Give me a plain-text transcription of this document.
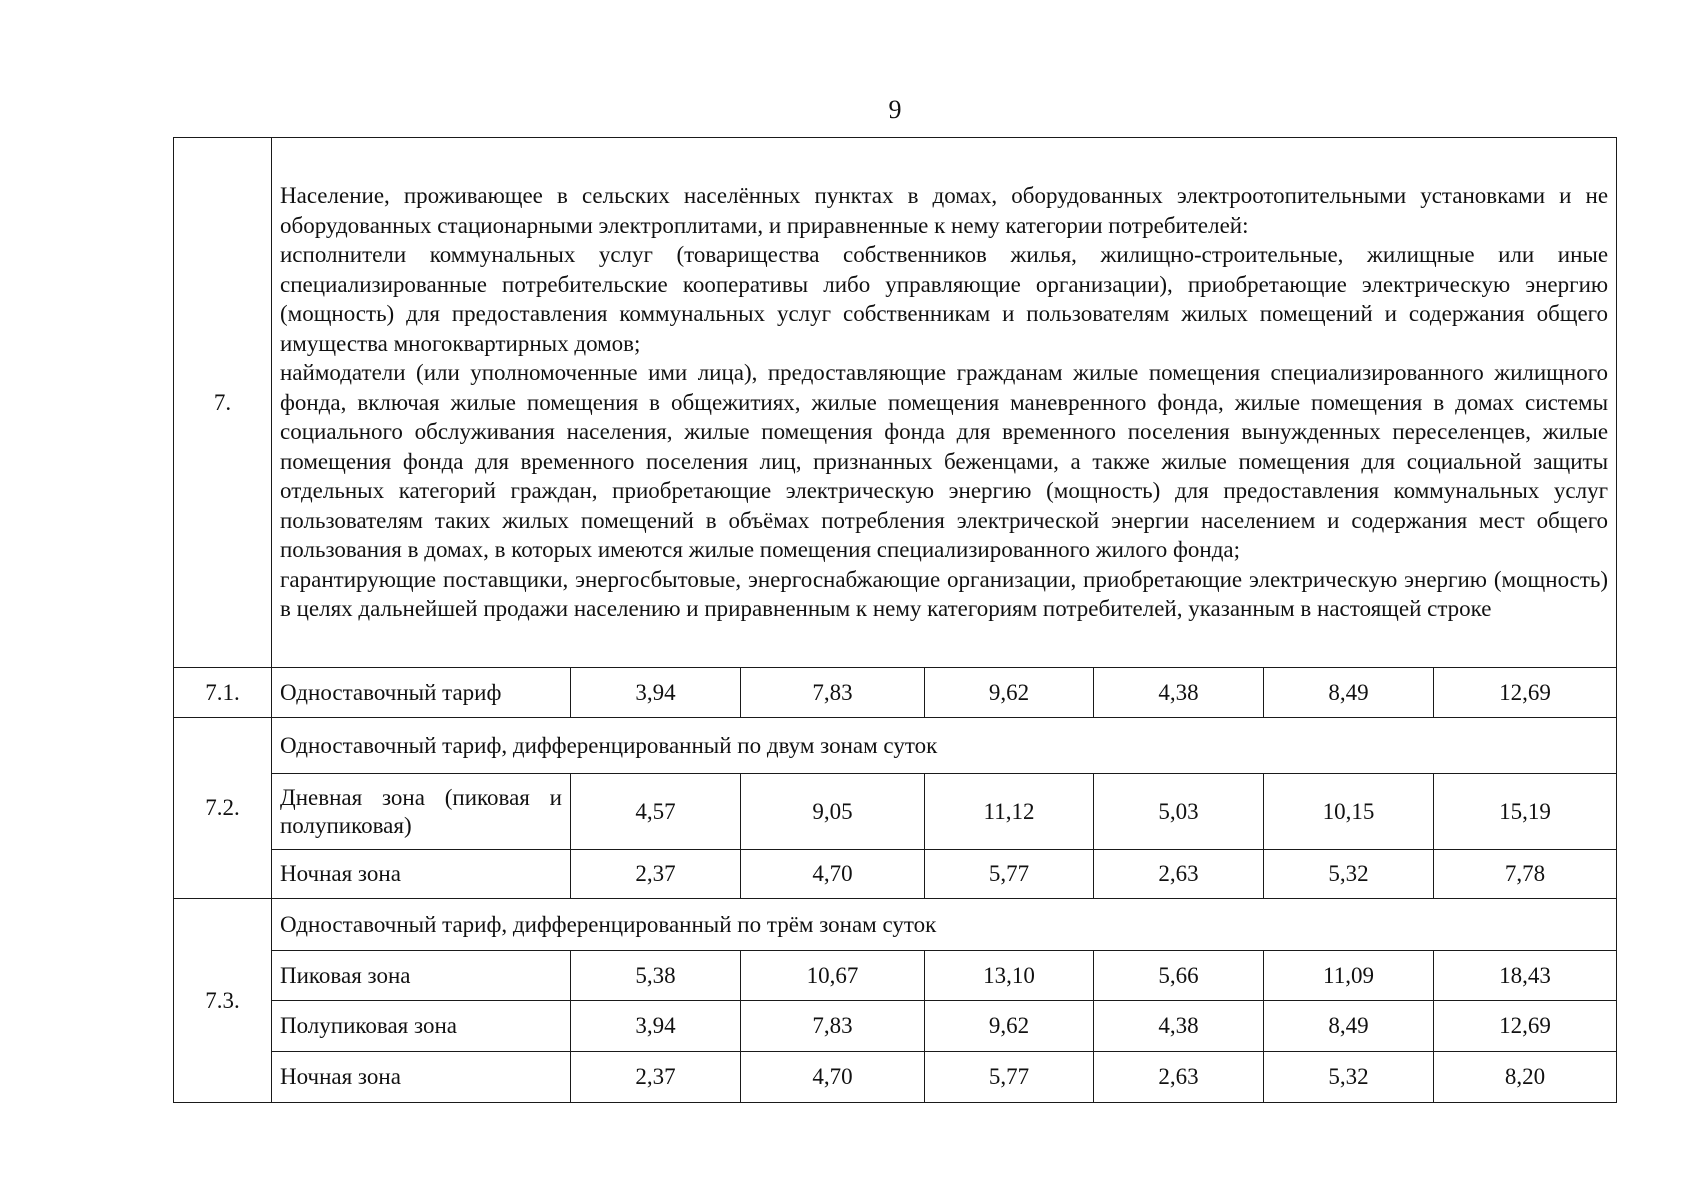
9
7.	Население, проживающее в сельских населённых пунктах в домах, оборудованных электроотопительными установками и не оборудованных стационарными электроплитами, и приравненные к нему категории потребителей:

исполнители коммунальных услуг (товарищества собственников жилья, жилищно-строительные, жилищные или иные специализированные потребительские кооперативы либо управляющие организации), приобретающие электрическую энергию (мощность) для предоставления коммунальных услуг собственникам и пользователям жилых помещений и содержания общего имущества многоквартирных домов;

наймодатели (или уполномоченные ими лица), предоставляющие гражданам жилые помещения специализированного жилищного фонда, включая жилые помещения в общежитиях, жилые помещения маневренного фонда, жилые помещения в домах системы социального обслуживания населения, жилые помещения фонда для временного поселения вынужденных переселенцев, жилые помещения фонда для временного поселения лиц, признанных беженцами, а также жилые помещения для социальной защиты отдельных категорий граждан, приобретающие электрическую энергию (мощность) для предоставления коммунальных услуг пользователям таких жилых помещений в объёмах потребления электрической энергии населением и содержания мест общего пользования в домах, в которых имеются жилые помещения специализированного жилого фонда;

гарантирующие поставщики, энергосбытовые, энергоснабжающие организации, приобретающие электрическую энергию (мощность) в целях дальнейшей продажи населению и приравненным к нему категориям потребителей, указанным в настоящей строке						

7.1.	Одноставочный тариф	3,94	7,83	9,62	4,38	8,49	12,69
7.2.	Одноставочный тариф, дифференцированный по двум зонам суток						
	Дневная зона (пиковая и полупиковая)	4,57	9,05	11,12	5,03	10,15	15,19
	Ночная зона	2,37	4,70	5,77	2,63	5,32	7,78
7.3.	Одноставочный тариф, дифференцированный по трём зонам суток						
	Пиковая зона	5,38	10,67	13,10	5,66	11,09	18,43
	Полупиковая зона	3,94	7,83	9,62	4,38	8,49	12,69
	Ночная зона	2,37	4,70	5,77	2,63	5,32	8,20
